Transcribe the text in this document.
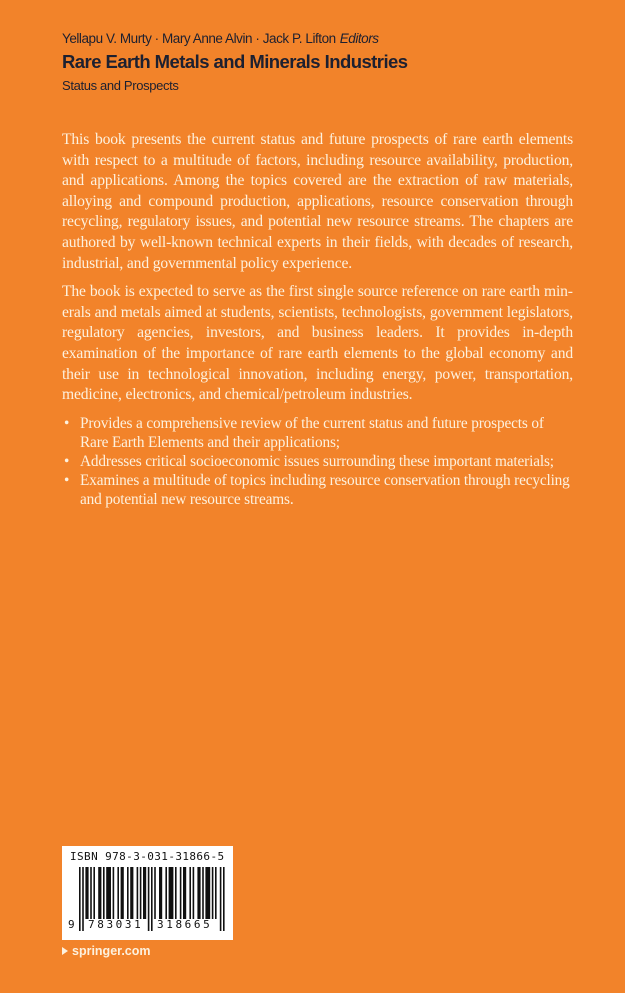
Yellapu V. Murty · Mary Anne Alvin · Jack P. Lifton Editors
Rare Earth Metals and Minerals Industries
Status and Prospects

This book presents the current status and future prospects of rare earth elements with respect to a multitude of factors, including resource availability, production, and applications. Among the topics covered are the extraction of raw materials, alloying and compound production, applications, resource conservation through recycling, regulatory issues, and potential new resource streams. The chapters are authored by well-known technical experts in their fields, with decades of research, industrial, and governmental policy experience.

The book is expected to serve as the first single source reference on rare earth minerals and metals aimed at students, scientists, technologists, government legislators, regulatory agencies, investors, and business leaders. It provides in-depth examination of the importance of rare earth elements to the global economy and their use in technological innovation, including energy, power, transportation, medicine, electronics, and chemical/petroleum industries.

• Provides a comprehensive review of the current status and future prospects of Rare Earth Elements and their applications;
• Addresses critical socioeconomic issues surrounding these important materials;
• Examines a multitude of topics including resource conservation through recycling and potential new resource streams.
ISBN 978-3-031-31866-5
9 783031 318665
springer.com
